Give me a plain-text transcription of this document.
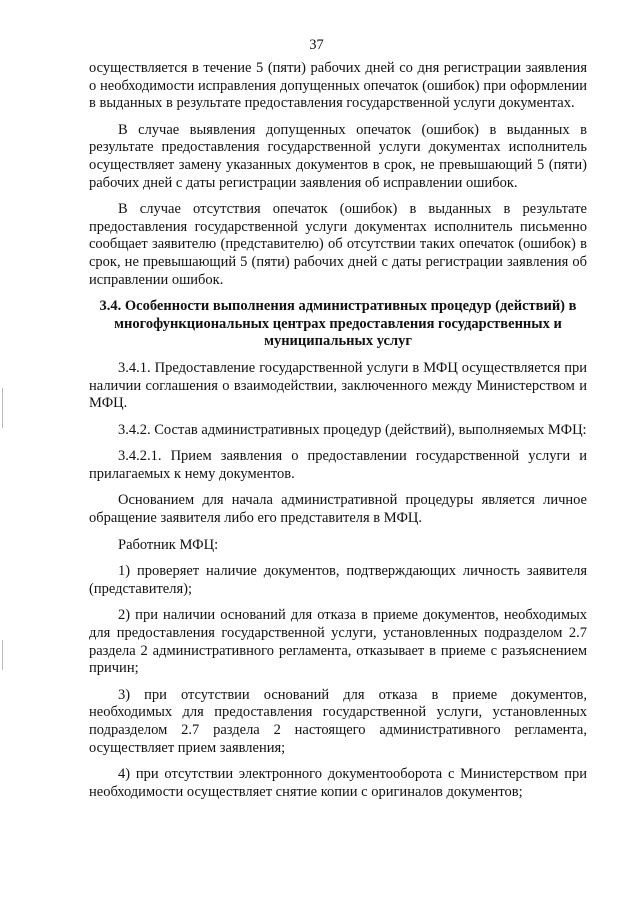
37

осуществляется в течение 5 (пяти) рабочих дней со дня регистрации заявления о необходимости исправления допущенных опечаток (ошибок) при оформлении в выданных в результате предоставления государственной услуги документах.

В случае выявления допущенных опечаток (ошибок) в выданных в результате предоставления государственной услуги документах исполнитель осуществляет замену указанных документов в срок, не превышающий 5 (пяти) рабочих дней с даты регистрации заявления об исправлении ошибок.

В случае отсутствия опечаток (ошибок) в выданных в результате предоставления государственной услуги документах исполнитель письменно сообщает заявителю (представителю) об отсутствии таких опечаток (ошибок) в срок, не превышающий 5 (пяти) рабочих дней с даты регистрации заявления об исправлении ошибок.

3.4. Особенности выполнения административных процедур (действий) в многофункциональных центрах предоставления государственных и муниципальных услуг

3.4.1. Предоставление государственной услуги в МФЦ осуществляется при наличии соглашения о взаимодействии, заключенного между Министерством и МФЦ.

3.4.2. Состав административных процедур (действий), выполняемых МФЦ:

3.4.2.1. Прием заявления о предоставлении государственной услуги и прилагаемых к нему документов.

Основанием для начала административной процедуры является личное обращение заявителя либо его представителя в МФЦ.

Работник МФЦ:

1) проверяет наличие документов, подтверждающих личность заявителя (представителя);

2) при наличии оснований для отказа в приеме документов, необходимых для предоставления государственной услуги, установленных подразделом 2.7 раздела 2 административного регламента, отказывает в приеме с разъяснением причин;

3) при отсутствии оснований для отказа в приеме документов, необходимых для предоставления государственной услуги, установленных подразделом 2.7 раздела 2 настоящего административного регламента, осуществляет прием заявления;

4) при отсутствии электронного документооборота с Министерством при необходимости осуществляет снятие копии с оригиналов документов;
